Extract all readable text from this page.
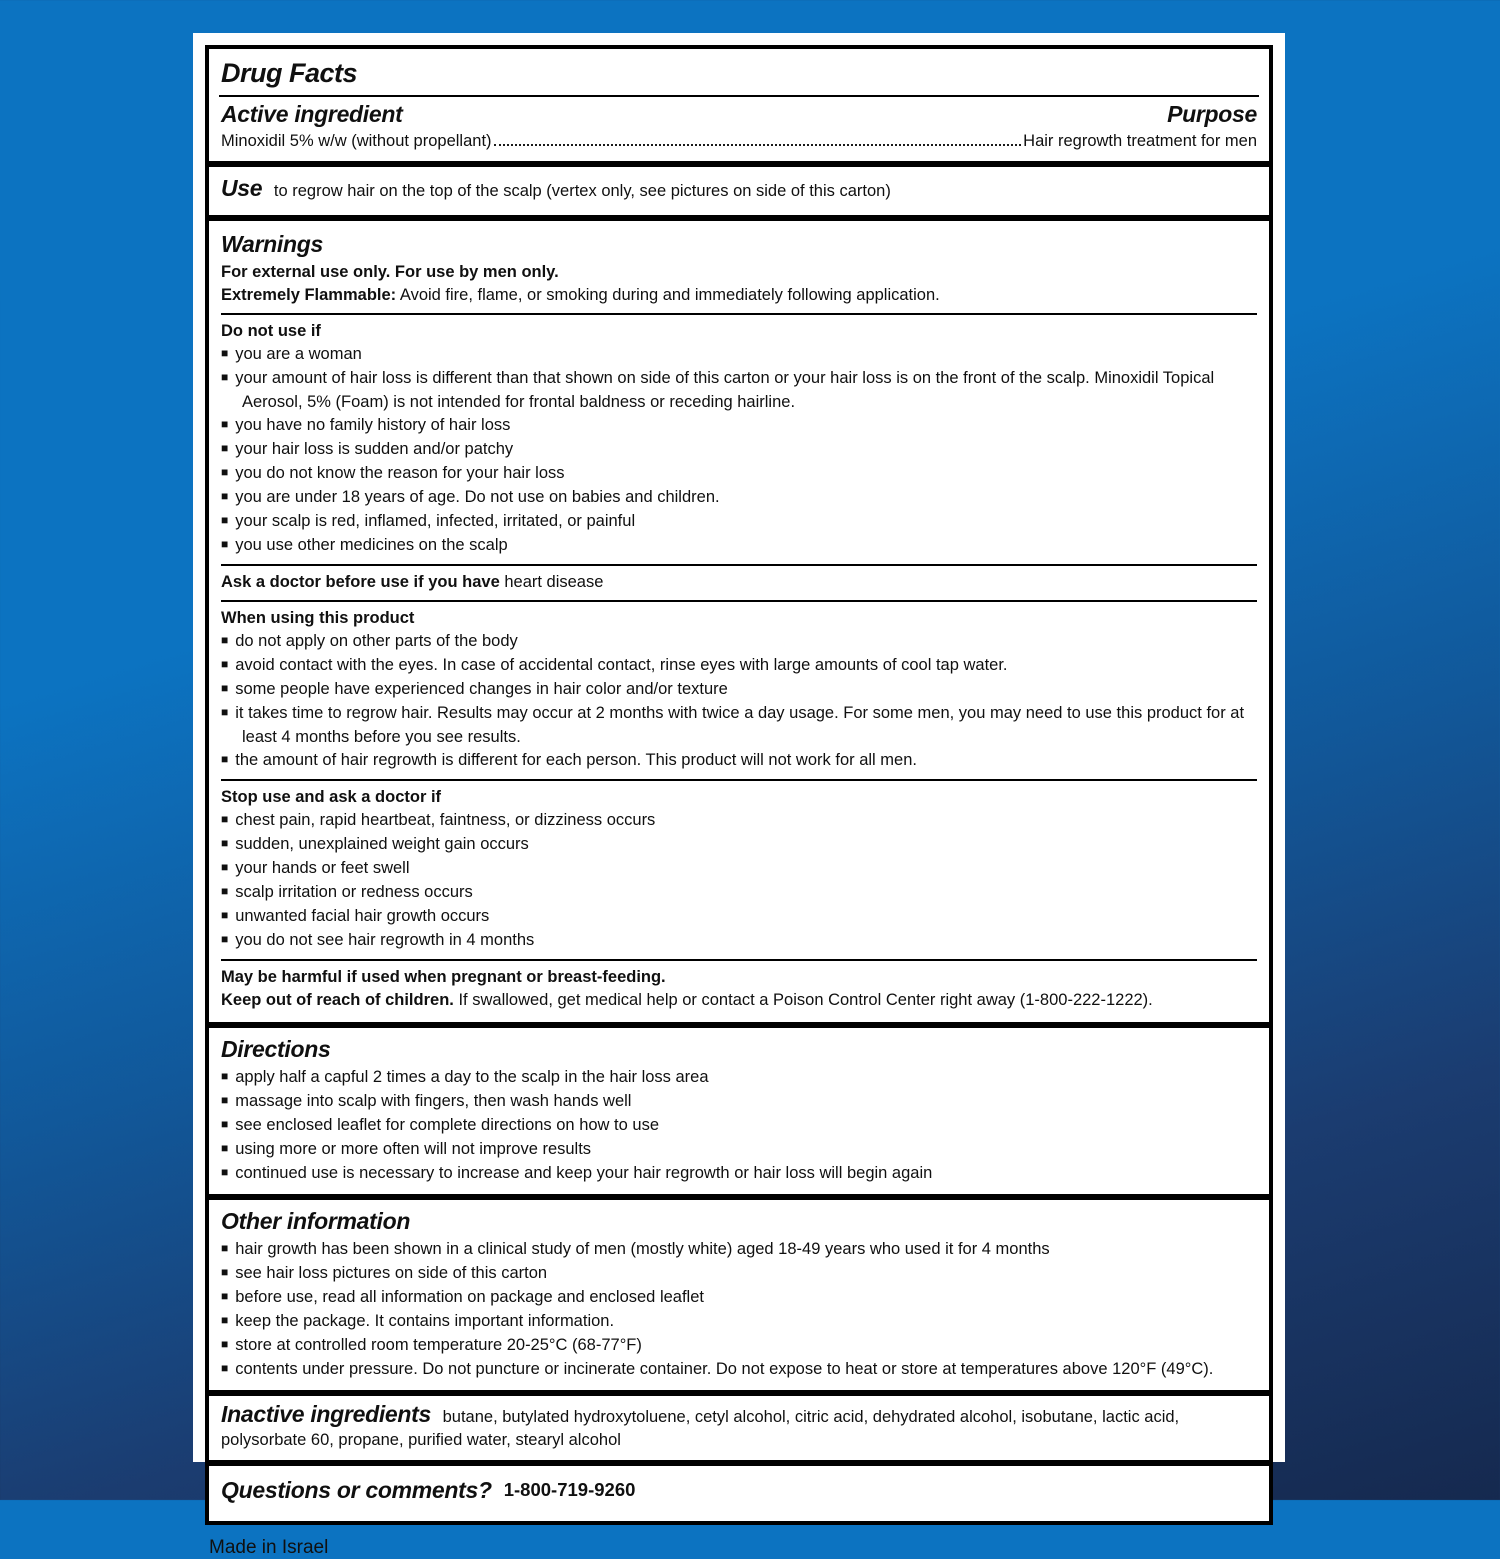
Drug Facts
Active ingredient	Purpose
Minoxidil 5% w/w (without propellant)	Hair regrowth treatment for men

Use to regrow hair on the top of the scalp (vertex only, see pictures on side of this carton)

Warnings

For external use only. For use by men only.

Extremely Flammable: Avoid fire, flame, or smoking during and immediately following application.

Do not use if

■ you are a woman
■ your amount of hair loss is different than that shown on side of this carton or your hair loss is on the front of the scalp. Minoxidil Topical Aerosol, 5% (Foam) is not intended for frontal baldness or receding hairline.
■ you have no family history of hair loss
■ your hair loss is sudden and/or patchy
■ you do not know the reason for your hair loss
■ you are under 18 years of age. Do not use on babies and children.
■ your scalp is red, inflamed, infected, irritated, or painful
■ you use other medicines on the scalp

Ask a doctor before use if you have heart disease

When using this product

■ do not apply on other parts of the body
■ avoid contact with the eyes. In case of accidental contact, rinse eyes with large amounts of cool tap water.
■ some people have experienced changes in hair color and/or texture
■ it takes time to regrow hair. Results may occur at 2 months with twice a day usage. For some men, you may need to use this product for at least 4 months before you see results.
■ the amount of hair regrowth is different for each person. This product will not work for all men.

Stop use and ask a doctor if

■ chest pain, rapid heartbeat, faintness, or dizziness occurs
■ sudden, unexplained weight gain occurs
■ your hands or feet swell
■ scalp irritation or redness occurs
■ unwanted facial hair growth occurs
■ you do not see hair regrowth in 4 months

May be harmful if used when pregnant or breast-feeding.

Keep out of reach of children. If swallowed, get medical help or contact a Poison Control Center right away (1-800-222-1222).

Directions
■ apply half a capful 2 times a day to the scalp in the hair loss area
■ massage into scalp with fingers, then wash hands well
■ see enclosed leaflet for complete directions on how to use
■ using more or more often will not improve results
■ continued use is necessary to increase and keep your hair regrowth or hair loss will begin again
Other information
■ hair growth has been shown in a clinical study of men (mostly white) aged 18-49 years who used it for 4 months
■ see hair loss pictures on side of this carton
■ before use, read all information on package and enclosed leaflet
■ keep the package. It contains important information.
■ store at controlled room temperature 20-25°C (68-77°F)
■ contents under pressure. Do not puncture or incinerate container. Do not expose to heat or store at temperatures above 120°F (49°C).

Inactive ingredients butane, butylated hydroxytoluene, cetyl alcohol, citric acid, dehydrated alcohol, isobutane, lactic acid, polysorbate 60, propane, purified water, stearyl alcohol

Questions or comments? 1-800-719-9260

Made in Israel
